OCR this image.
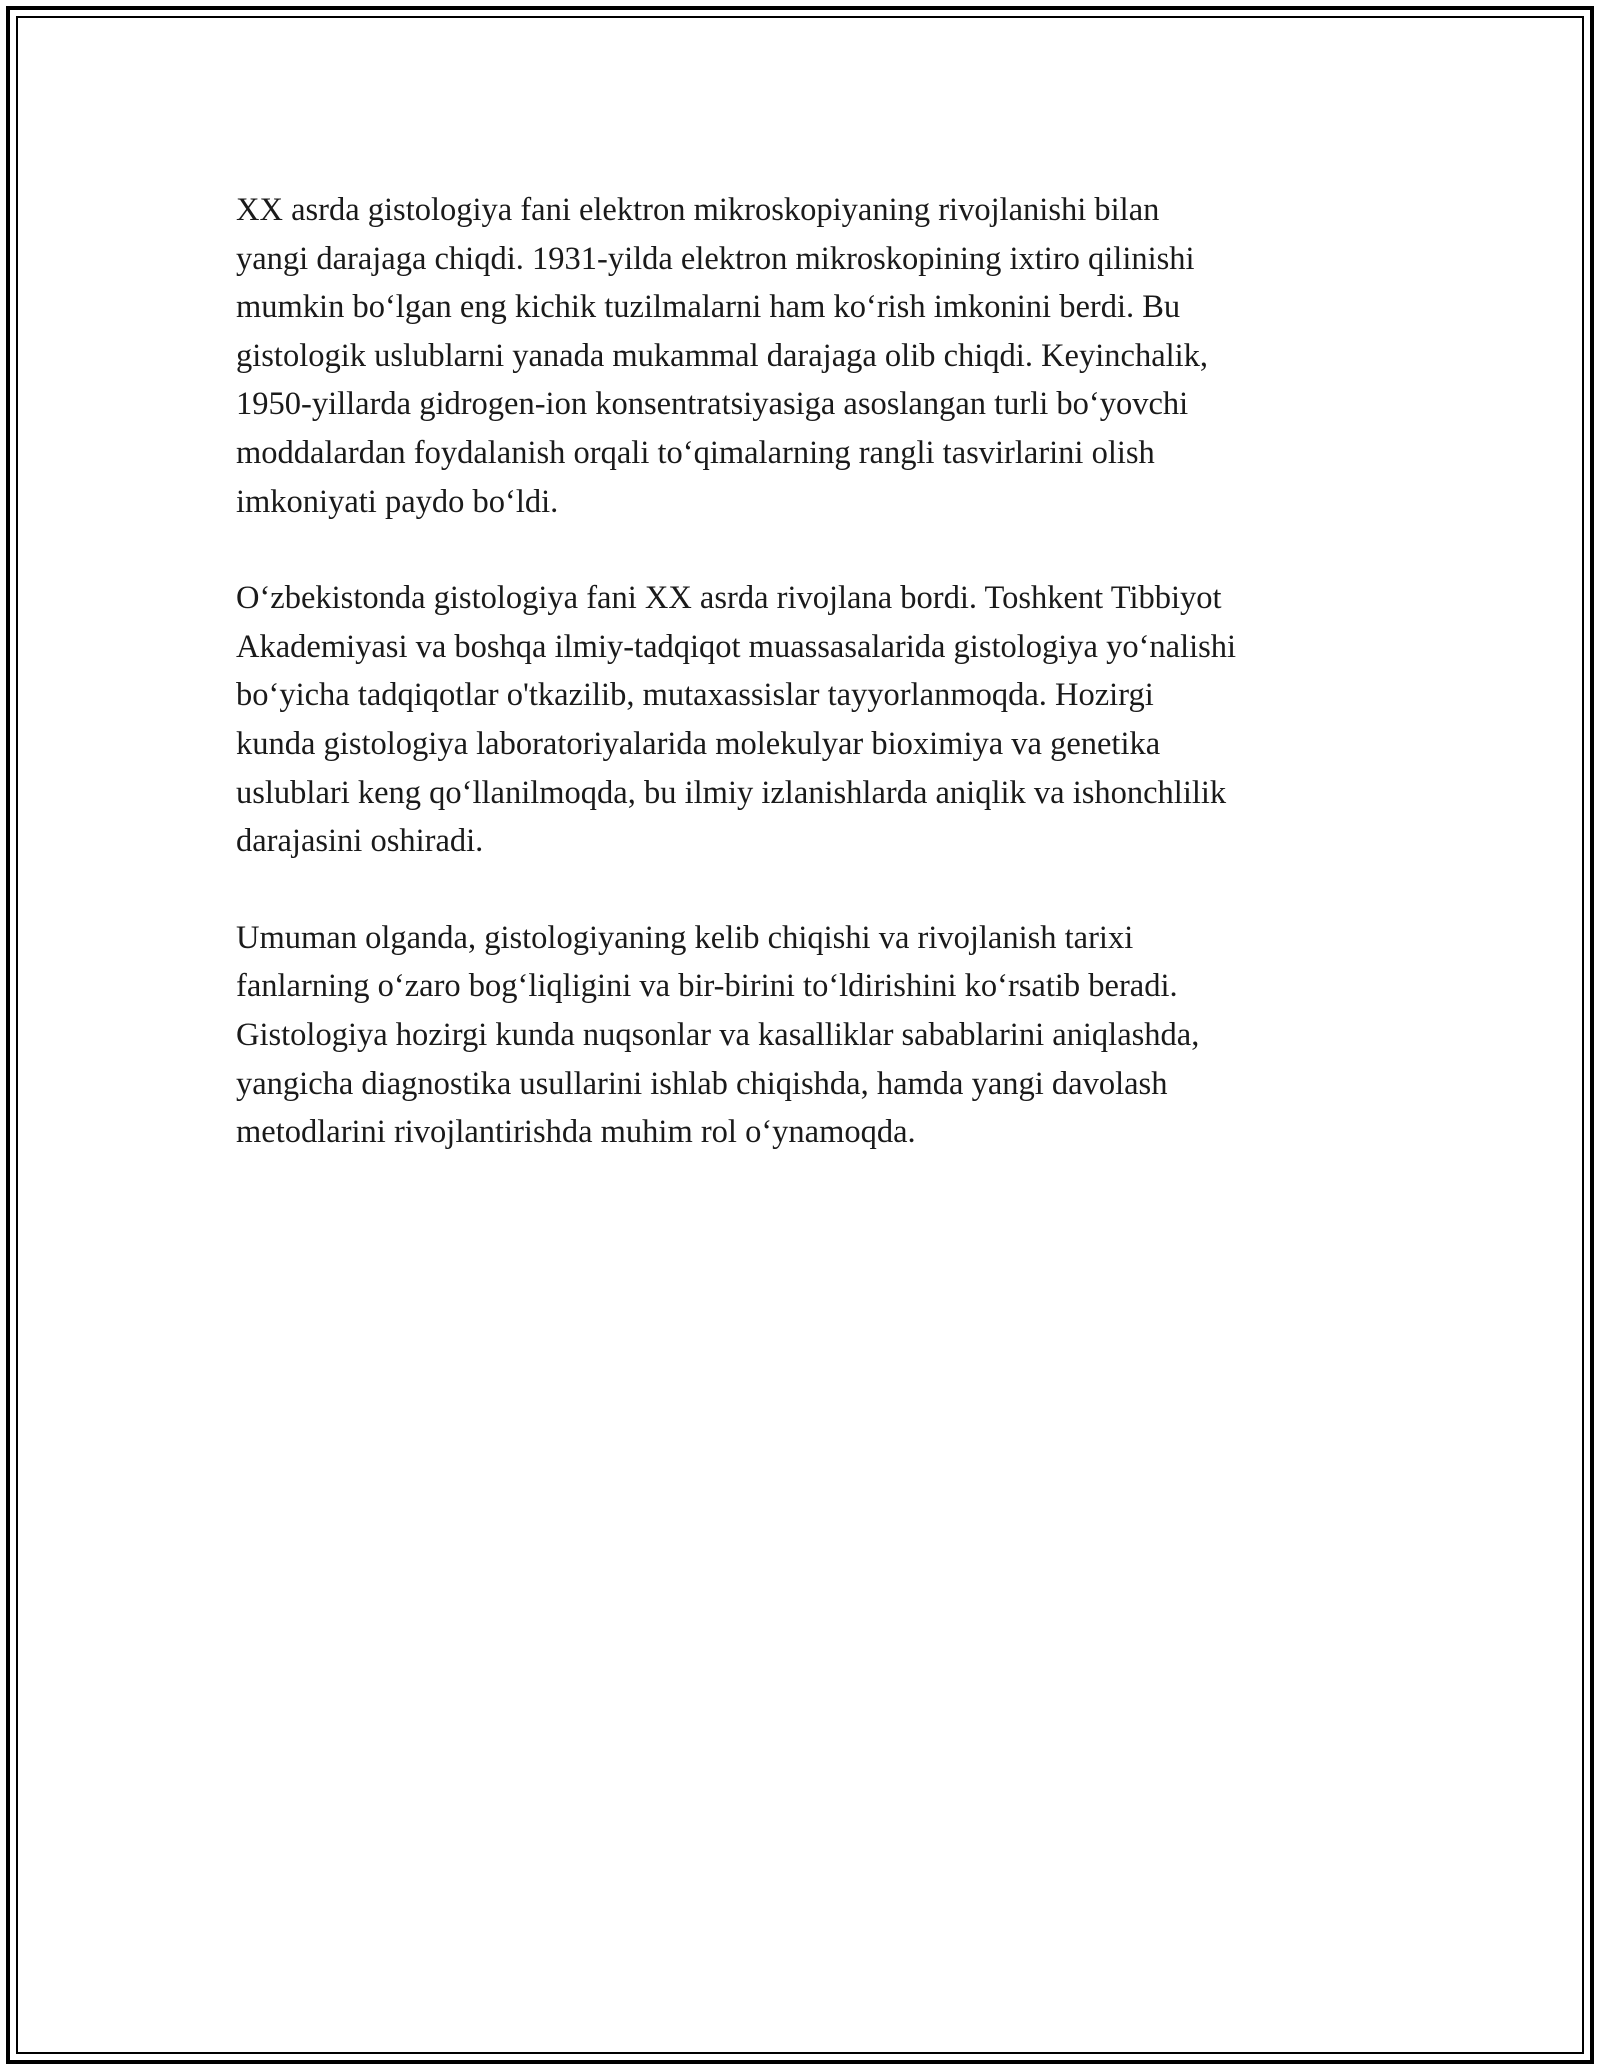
XX asrda gistologiya fani elektron mikroskopiyaning rivojlanishi bilan
yangi darajaga chiqdi. 1931-yilda elektron mikroskopining ixtiro qilinishi
mumkin bo‘lgan eng kichik tuzilmalarni ham ko‘rish imkonini berdi. Bu
gistologik uslublarni yanada mukammal darajaga olib chiqdi. Keyinchalik,
1950-yillarda gidrogen-ion konsentratsiyasiga asoslangan turli bo‘yovchi
moddalardan foydalanish orqali to‘qimalarning rangli tasvirlarini olish
imkoniyati paydo bo‘ldi.

O‘zbekistonda gistologiya fani XX asrda rivojlana bordi. Toshkent Tibbiyot
Akademiyasi va boshqa ilmiy-tadqiqot muassasalarida gistologiya yo‘nalishi
bo‘yicha tadqiqotlar o'tkazilib, mutaxassislar tayyorlanmoqda. Hozirgi
kunda gistologiya laboratoriyalarida molekulyar bioximiya va genetika
uslublari keng qo‘llanilmoqda, bu ilmiy izlanishlarda aniqlik va ishonchlilik
darajasini oshiradi.

Umuman olganda, gistologiyaning kelib chiqishi va rivojlanish tarixi
fanlarning o‘zaro bog‘liqligini va bir-birini to‘ldirishini ko‘rsatib beradi.
Gistologiya hozirgi kunda nuqsonlar va kasalliklar sabablarini aniqlashda,
yangicha diagnostika usullarini ishlab chiqishda, hamda yangi davolash
metodlarini rivojlantirishda muhim rol o‘ynamoqda.
